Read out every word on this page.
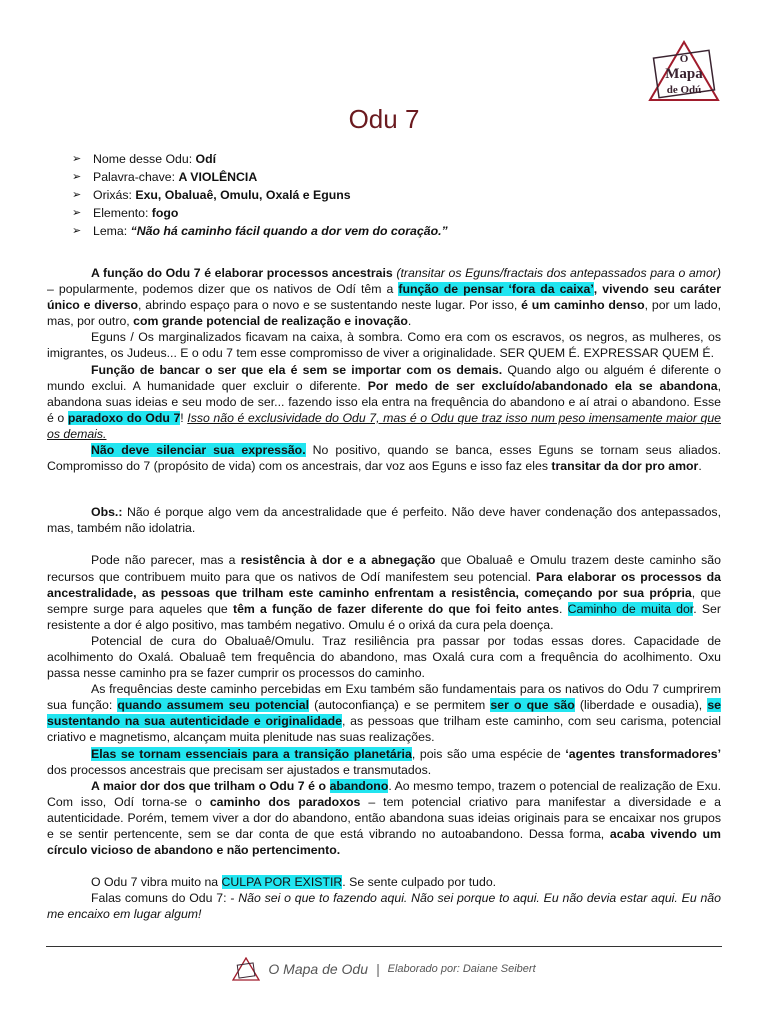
O
Mapa
de Odú
Odu 7
➢ Nome desse Odu: Odí
➢ Palavra-chave: A VIOLÊNCIA
➢ Orixás: Exu, Obaluaê, Omulu, Oxalá e Eguns
➢ Elemento: fogo
➢ Lema: “Não há caminho fácil quando a dor vem do coração.”

A função do Odu 7 é elaborar processos ancestrais (transitar os Eguns/fractais dos antepassados para o amor) – popularmente, podemos dizer que os nativos de Odí têm a função de pensar ‘fora da caixa’, vivendo seu caráter único e diverso, abrindo espaço para o novo e se sustentando neste lugar. Por isso, é um caminho denso, por um lado, mas, por outro, com grande potencial de realização e inovação.

Eguns / Os marginalizados ficavam na caixa, à sombra. Como era com os escravos, os negros, as mulheres, os imigrantes, os Judeus... E o odu 7 tem esse compromisso de viver a originalidade. SER QUEM É. EXPRESSAR QUEM É.

Função de bancar o ser que ela é sem se importar com os demais. Quando algo ou alguém é diferente o mundo exclui. A humanidade quer excluir o diferente. Por medo de ser excluído/abandonado ela se abandona, abandona suas ideias e seu modo de ser... fazendo isso ela entra na frequência do abandono e aí atrai o abandono. Esse é o paradoxo do Odu 7! Isso não é exclusividade do Odu 7, mas é o Odu que traz isso num peso imensamente maior que os demais.

Não deve silenciar sua expressão. No positivo, quando se banca, esses Eguns se tornam seus aliados. Compromisso do 7 (propósito de vida) com os ancestrais, dar voz aos Eguns e isso faz eles transitar da dor pro amor.

Obs.: Não é porque algo vem da ancestralidade que é perfeito. Não deve haver condenação dos antepassados, mas, também não idolatria.

Pode não parecer, mas a resistência à dor e a abnegação que Obaluaê e Omulu trazem deste caminho são recursos que contribuem muito para que os nativos de Odí manifestem seu potencial. Para elaborar os processos da ancestralidade, as pessoas que trilham este caminho enfrentam a resistência, começando por sua própria, que sempre surge para aqueles que têm a função de fazer diferente do que foi feito antes. Caminho de muita dor. Ser resistente a dor é algo positivo, mas também negativo. Omulu é o orixá da cura pela doença.

Potencial de cura do Obaluaê/Omulu. Traz resiliência pra passar por todas essas dores. Capacidade de acolhimento do Oxalá. Obaluaê tem frequência do abandono, mas Oxalá cura com a frequência do acolhimento. Oxu passa nesse caminho pra se fazer cumprir os processos do caminho.

As frequências deste caminho percebidas em Exu também são fundamentais para os nativos do Odu 7 cumprirem sua função: quando assumem seu potencial (autoconfiança) e se permitem ser o que são (liberdade e ousadia), se sustentando na sua autenticidade e originalidade, as pessoas que trilham este caminho, com seu carisma, potencial criativo e magnetismo, alcançam muita plenitude nas suas realizações.

Elas se tornam essenciais para a transição planetária, pois são uma espécie de ‘agentes transformadores’ dos processos ancestrais que precisam ser ajustados e transmutados.

A maior dor dos que trilham o Odu 7 é o abandono. Ao mesmo tempo, trazem o potencial de realização de Exu. Com isso, Odí torna-se o caminho dos paradoxos – tem potencial criativo para manifestar a diversidade e a autenticidade. Porém, temem viver a dor do abandono, então abandona suas ideias originais para se encaixar nos grupos e se sentir pertencente, sem se dar conta de que está vibrando no autoabandono. Dessa forma, acaba vivendo um círculo vicioso de abandono e não pertencimento.

O Odu 7 vibra muito na CULPA POR EXISTIR. Se sente culpado por tudo.

Falas comuns do Odu 7: - Não sei o que to fazendo aqui. Não sei porque to aqui. Eu não devia estar aqui. Eu não me encaixo em lugar algum!

O Mapa de Odu | Elaborado por: Daiane Seibert
